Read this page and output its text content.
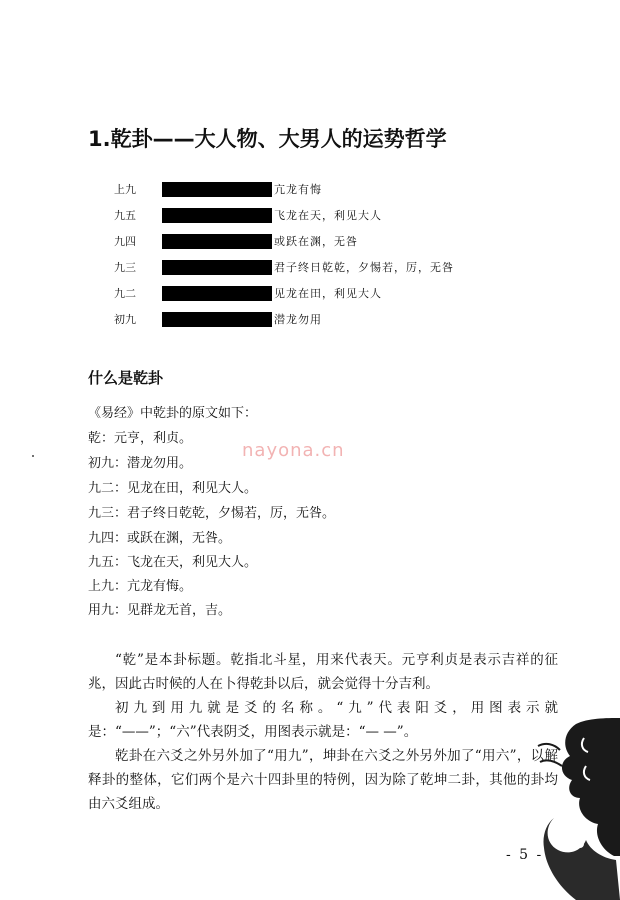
1.乾卦——大人物、大男人的运势哲学
上九	亢龙有悔
九五	飞龙在天，利见大人
九四	或跃在渊，无咎
九三	君子终日乾乾，夕惕若，厉，无咎
九二	见龙在田，利见大人
初九	潜龙勿用
什么是乾卦
《易经》中乾卦的原文如下：
乾：元亨，利贞。
初九：潜龙勿用。
九二：见龙在田，利见大人。
九三：君子终日乾乾，夕惕若，厉，无咎。
九四：或跃在渊，无咎。
九五：飞龙在天，利见大人。
上九：亢龙有悔。
用九：见群龙无首，吉。
nayona.cn

“乾”是本卦标题。乾指北斗星，用来代表天。元亨利贞是表示吉祥的征兆，因此古时候的人在卜得乾卦以后，就会觉得十分吉利。

初九到用九就是爻的名称。“九”代表阳爻，用图表示就是：“——”；“六”代表阴爻，用图表示就是：“— —”。

乾卦在六爻之外另外加了“用九”，坤卦在六爻之外另外加了“用六”，以解释卦的整体，它们两个是六十四卦里的特例，因为除了乾坤二卦，其他的卦均由六爻组成。

- 5 -
